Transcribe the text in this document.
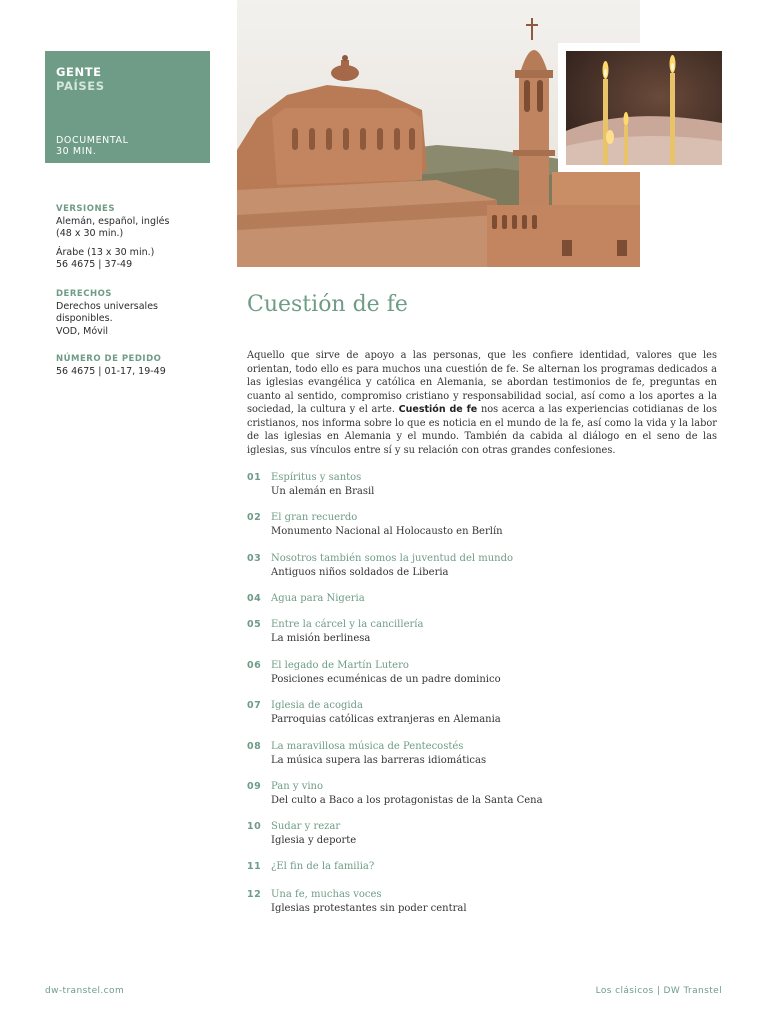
GENTE
PAÍSES
DOCUMENTAL
30 MIN.
VERSIONES
Alemán, español, inglés
(48 x 30 min.)
Árabe (13 x 30 min.)
56 4675 | 37-49
DERECHOS
Derechos universales
disponibles.
VOD, Móvil
NÚMERO DE PEDIDO
56 4675 | 01-17, 19-49
Cuestión de fe

Aquello que sirve de apoyo a las personas, que les confiere identidad, valores que les orientan, todo ello es para muchos una cuestión de fe. Se alternan los programas dedicados a las iglesias evangélica y católica en Alemania, se abordan testimonios de fe, preguntas en cuanto al sentido, compromiso cristiano y responsabilidad social, así como a los aportes a la sociedad, la cultura y el arte. Cuestión de fe nos acerca a las experiencias cotidianas de los cristianos, nos informa sobre lo que es noticia en el mundo de la fe, así como la vida y la labor de las iglesias en Alemania y el mundo. También da cabida al diálogo en el seno de las iglesias, sus vínculos entre sí y su relación con otras grandes confesiones.

01 Espíritus y santos
Un alemán en Brasil
02 El gran recuerdo
Monumento Nacional al Holocausto en Berlín
03 Nosotros también somos la juventud del mundo
Antiguos niños soldados de Liberia
04 Agua para Nigeria
05 Entre la cárcel y la cancillería
La misión berlinesa
06 El legado de Martín Lutero
Posiciones ecuménicas de un padre dominico
07 Iglesia de acogida
Parroquias católicas extranjeras en Alemania
08 La maravillosa música de Pentecostés
La música supera las barreras idiomáticas
09 Pan y vino
Del culto a Baco a los protagonistas de la Santa Cena
10 Sudar y rezar
Iglesia y deporte
11 ¿El fin de la familia?
12 Una fe, muchas voces
Iglesias protestantes sin poder central
dw-transtel.com	Los clásicos | DW Transtel
